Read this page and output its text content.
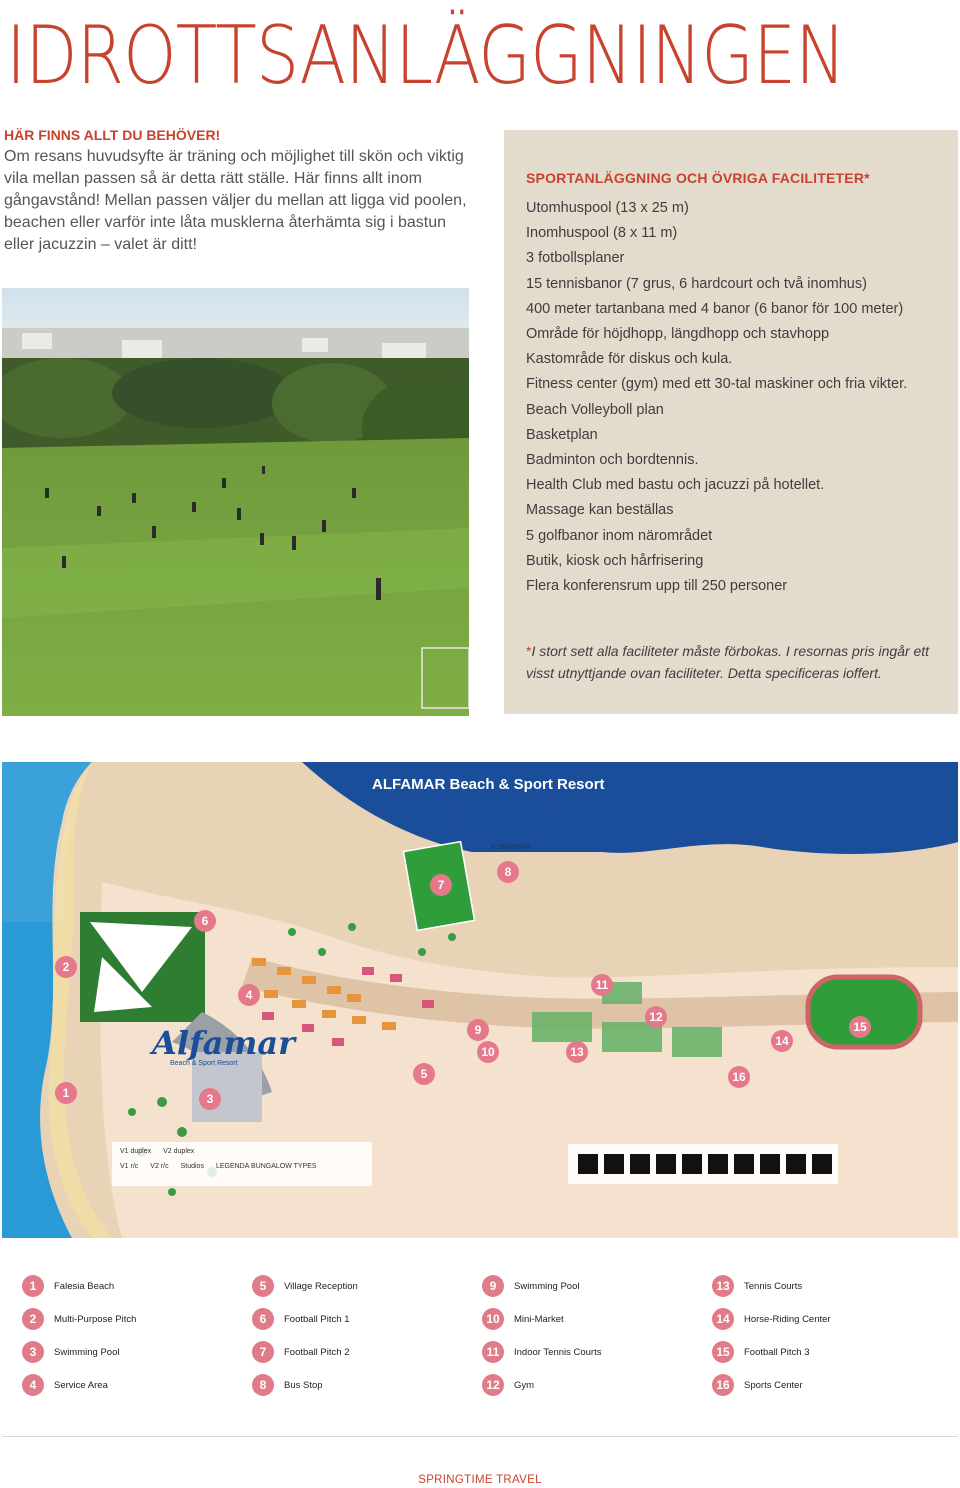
IDROTTSANLÄGGNINGEN
HÄR FINNS ALLT DU BEHÖVER!
Om resans huvudsyfte är träning och möjlighet till skön och viktig vila mellan passen så är detta rätt ställe. Här finns allt inom gångavstånd! Mellan passen väljer du mellan att ligga vid poolen, beachen eller varför inte låta musklerna återhämta sig i bastun eller jacuzzin – valet är ditt!
SPORTANLÄGGNING OCH ÖVRIGA FACILITETER*
Utomhuspool (13 x 25 m)
Inomhuspool (8 x 11 m)
3 fotbollsplaner
15 tennisbanor (7 grus, 6 hardcourt och två inomhus)
400 meter tartanbana med 4 banor (6 banor för 100 meter)
Område för höjdhopp, längdhopp och stavhopp
Kastområde för diskus och kula.
Fitness center (gym) med ett 30-tal maskiner och fria vikter.
Beach Volleyboll plan
Basketplan
Badminton och bordtennis.
Health Club med bastu och jacuzzi på hotellet.
Massage kan beställas
5 golfbanor inom närområdet
Butik, kiosk och hårfrisering
Flera konferensrum upp till 250 personer
*I stort sett alla faciliteter måste förbokas. I resornas pris ingår ett visst utnyttjande ovan faciliteter. Detta specificeras ioffert.
ALFAMAR Beach & Sport Resort
Alfamar
Beach & Sport Resort
ALBUFEIRA
V1 duplex V2 duplex
V1 r/c V2 r/c Studios LEGENDA BUNGALOW TYPES
1
2
3
4
5
6
7
8
9
10
11
12
13
14
15
16
1	Falesia Beach
2	Multi-Purpose Pitch
3	Swimming Pool
4	Service Area
5	Village Reception
6	Football Pitch 1
7	Football Pitch 2
8	Bus Stop
9	Swimming Pool
10	Mini-Market
11	Indoor Tennis Courts
12	Gym
13	Tennis Courts
14	Horse-Riding Center
15	Football Pitch 3
16	Sports Center
SPRINGTIME TRAVEL
